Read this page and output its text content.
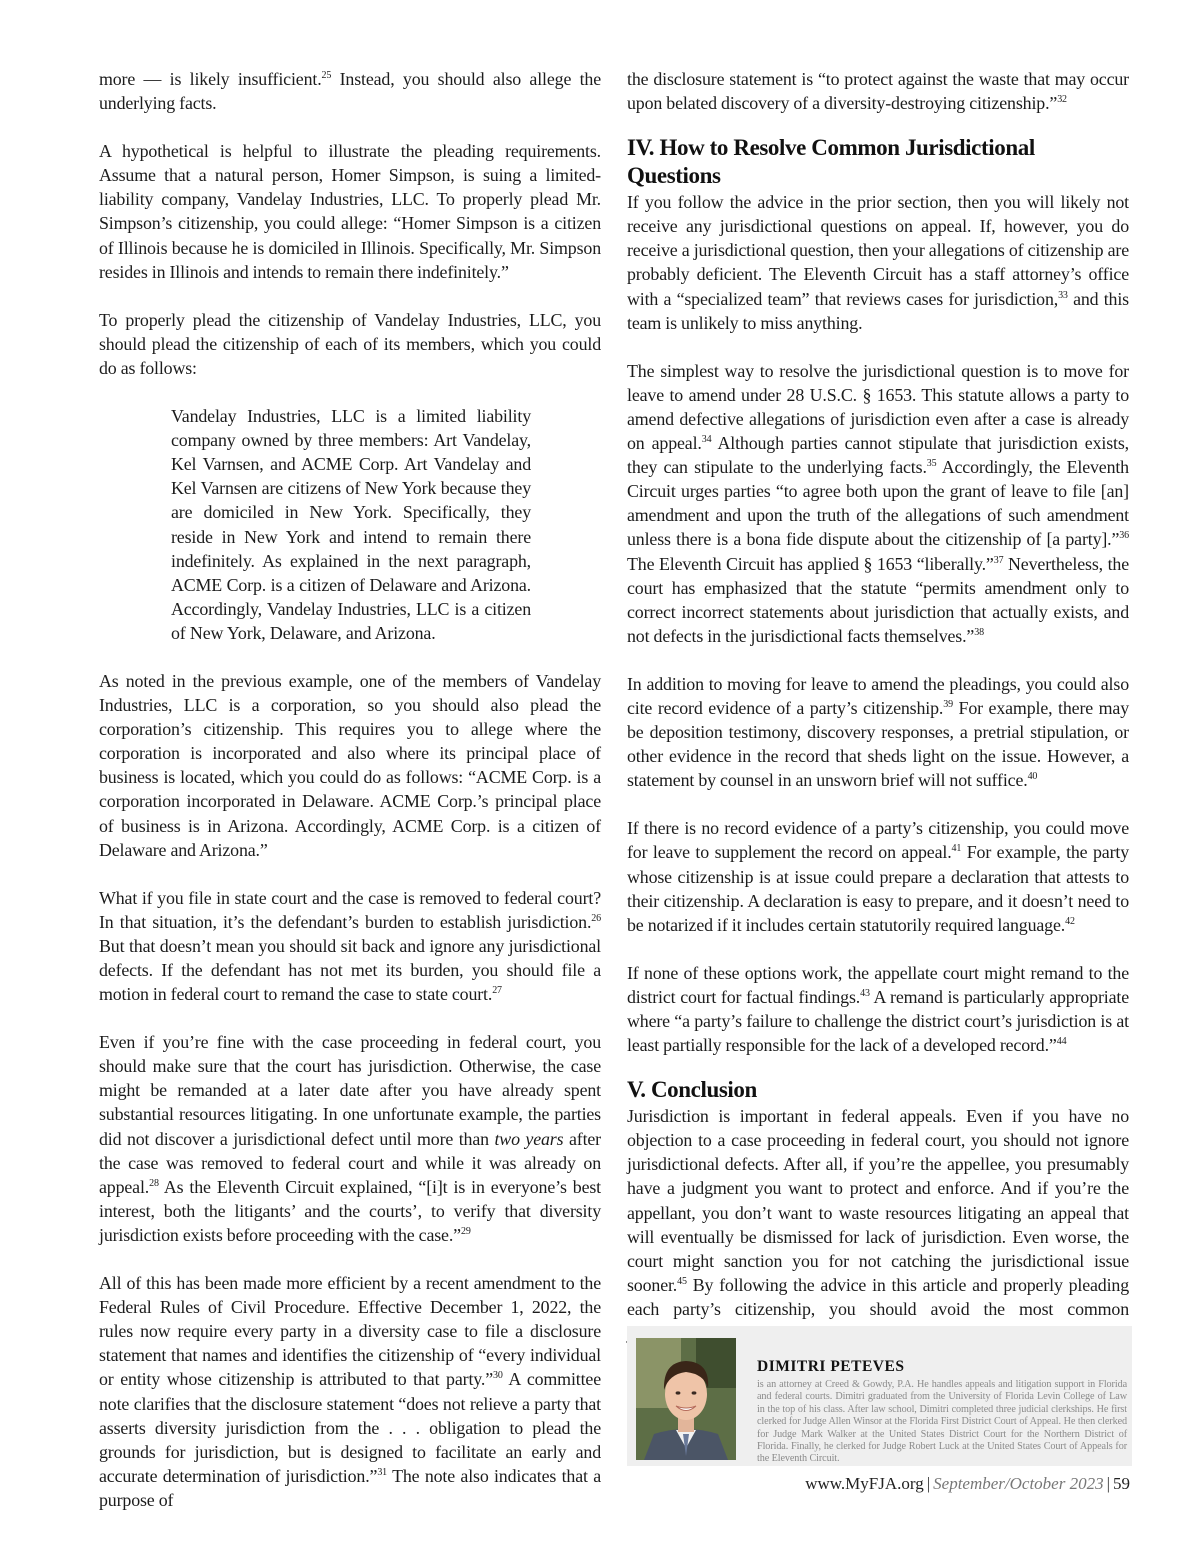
more — is likely insufficient.$^{25}$ Instead, you should also allege the underlying facts.

A hypothetical is helpful to illustrate the pleading requirements. Assume that a natural person, Homer Simpson, is suing a limited-liability company, Vandelay Industries, LLC. To properly plead Mr. Simpson’s citizenship, you could allege: “Homer Simpson is a citizen of Illinois because he is domiciled in Illinois. Specifically, Mr. Simpson resides in Illinois and intends to remain there indefinitely.”

To properly plead the citizenship of Vandelay Industries, LLC, you should plead the citizenship of each of its members, which you could do as follows:

Vandelay Industries, LLC is a limited liability company owned by three members: Art Vandelay, Kel Varnsen, and ACME Corp. Art Vandelay and Kel Varnsen are citizens of New York because they are domiciled in New York. Specifically, they reside in New York and intend to remain there indefinitely. As explained in the next paragraph, ACME Corp. is a citizen of Delaware and Arizona. Accordingly, Vandelay Industries, LLC is a citizen of New York, Delaware, and Arizona.

As noted in the previous example, one of the members of Vandelay Industries, LLC is a corporation, so you should also plead the corporation’s citizenship. This requires you to allege where the corporation is incorporated and also where its principal place of business is located, which you could do as follows: “ACME Corp. is a corporation incorporated in Delaware. ACME Corp.’s principal place of business is in Arizona. Accordingly, ACME Corp. is a citizen of Delaware and Arizona.”

What if you file in state court and the case is removed to federal court? In that situation, it’s the defendant’s burden to establish jurisdiction.$^{26}$ But that doesn’t mean you should sit back and ignore any jurisdictional defects. If the defendant has not met its burden, you should file a motion in federal court to remand the case to state court.$^{27}$

Even if you’re fine with the case proceeding in federal court, you should make sure that the court has jurisdiction. Otherwise, the case might be remanded at a later date after you have already spent substantial resources litigating. In one unfortunate example, the parties did not discover a jurisdictional defect until more than two years after the case was removed to federal court and while it was already on appeal.$^{28}$ As the Eleventh Circuit explained, “[i]t is in everyone’s best interest, both the litigants’ and the courts’, to verify that diversity jurisdiction exists before proceeding with the case.”$^{29}$

All of this has been made more efficient by a recent amendment to the Federal Rules of Civil Procedure. Effective December 1, 2022, the rules now require every party in a diversity case to file a disclosure statement that names and identifies the citizenship of “every individual or entity whose citizenship is attributed to that party.”$^{30}$ A committee note clarifies that the disclosure statement “does not relieve a party that asserts diversity jurisdiction from the . . . obligation to plead the grounds for jurisdiction, but is designed to facilitate an early and accurate determination of jurisdiction.”$^{31}$ The note also indicates that a purpose of

the disclosure statement is “to protect against the waste that may occur upon belated discovery of a diversity-destroying citizenship.”$^{32}$

IV. How to Resolve Common Jurisdictional Questions

If you follow the advice in the prior section, then you will likely not receive any jurisdictional questions on appeal. If, however, you do receive a jurisdictional question, then your allegations of citizenship are probably deficient. The Eleventh Circuit has a staff attorney’s office with a “specialized team” that reviews cases for jurisdiction,$^{33}$ and this team is unlikely to miss anything.

The simplest way to resolve the jurisdictional question is to move for leave to amend under 28 U.S.C. § 1653. This statute allows a party to amend defective allegations of jurisdiction even after a case is already on appeal.$^{34}$ Although parties cannot stipulate that jurisdiction exists, they can stipulate to the underlying facts.$^{35}$ Accordingly, the Eleventh Circuit urges parties “to agree both upon the grant of leave to file [an] amendment and upon the truth of the allegations of such amendment unless there is a bona fide dispute about the citizenship of [a party].”$^{36}$ The Eleventh Circuit has applied § 1653 “liberally.”$^{37}$ Nevertheless, the court has emphasized that the statute “permits amendment only to correct incorrect statements about jurisdiction that actually exists, and not defects in the jurisdictional facts themselves.”$^{38}$

In addition to moving for leave to amend the pleadings, you could also cite record evidence of a party’s citizenship.$^{39}$ For example, there may be deposition testimony, discovery responses, a pretrial stipulation, or other evidence in the record that sheds light on the issue. However, a statement by counsel in an unsworn brief will not suffice.$^{40}$

If there is no record evidence of a party’s citizenship, you could move for leave to supplement the record on appeal.$^{41}$ For example, the party whose citizenship is at issue could prepare a declaration that attests to their citizenship. A declaration is easy to prepare, and it doesn’t need to be notarized if it includes certain statutorily required language.$^{42}$

If none of these options work, the appellate court might remand to the district court for factual findings.$^{43}$ A remand is particularly appropriate where “a party’s failure to challenge the district court’s jurisdiction is at least partially responsible for the lack of a developed record.”$^{44}$

V. Conclusion

Jurisdiction is important in federal appeals. Even if you have no objection to a case proceeding in federal court, you should not ignore jurisdictional defects. After all, if you’re the appellee, you presumably have a judgment you want to protect and enforce. And if you’re the appellant, you don’t want to waste resources litigating an appeal that will eventually be dismissed for lack of jurisdiction. Even worse, the court might sanction you for not catching the jurisdictional issue sooner.$^{45}$ By following the advice in this article and properly pleading each party’s citizenship, you should avoid the most common

DIMITRI PETEVES

is an attorney at Creed & Gowdy, P.A. He handles appeals and litigation support in Florida and federal courts. Dimitri graduated from the University of Florida Levin College of Law in the top of his class. After law school, Dimitri completed three judicial clerkships. He first clerked for Judge Allen Winsor at the Florida First District Court of Appeal. He then clerked for Judge Mark Walker at the United States District Court for the Northern District of Florida. Finally, he clerked for Judge Robert Luck at the United States Court of Appeals for the Eleventh Circuit.

www.MyFJA.org | September/October 2023 | 59
